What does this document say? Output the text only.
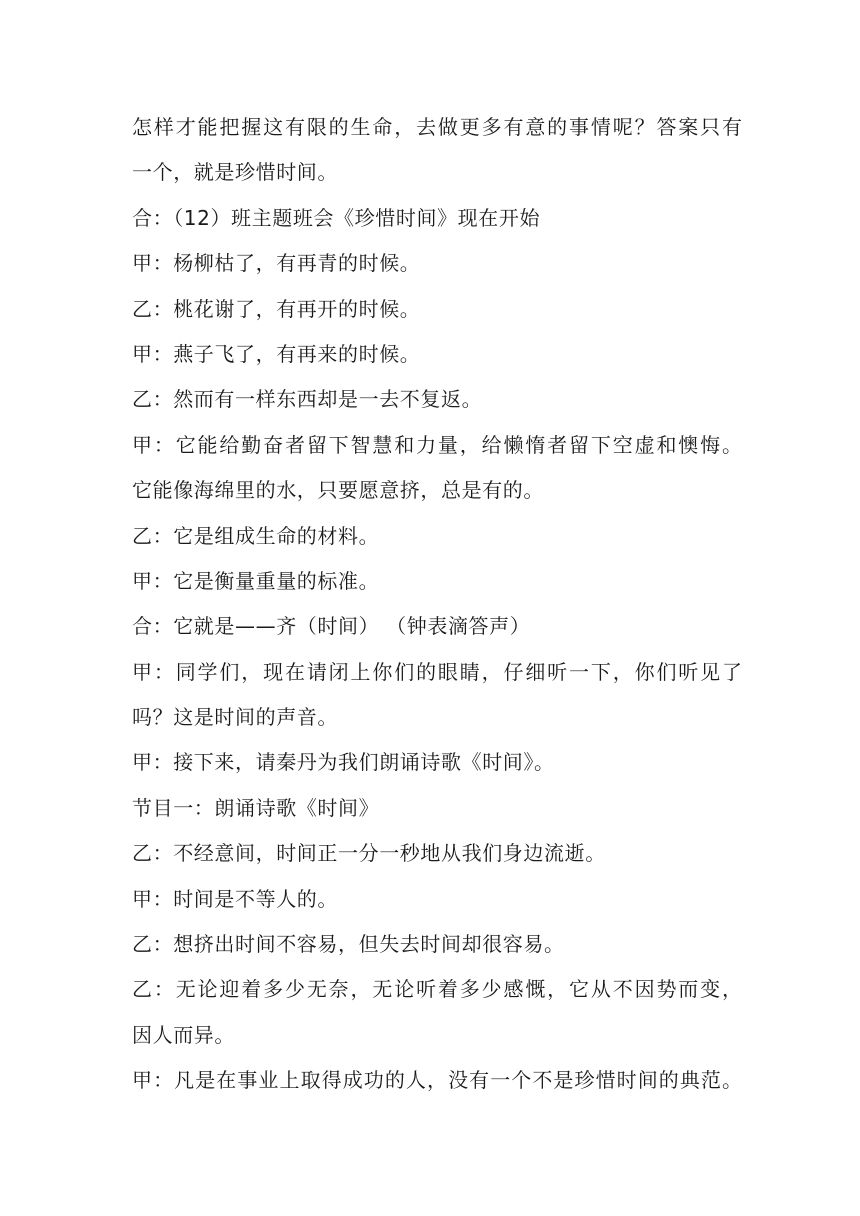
怎样才能把握这有限的生命，去做更多有意的事情呢？答案只有
一个，就是珍惜时间。
合：（12）班主题班会《珍惜时间》现在开始
甲：杨柳枯了，有再青的时候。
乙：桃花谢了，有再开的时候。
甲：燕子飞了，有再来的时候。
乙：然而有一样东西却是一去不复返。
甲：它能给勤奋者留下智慧和力量，给懒惰者留下空虚和懊悔。
它能像海绵里的水，只要愿意挤，总是有的。
乙：它是组成生命的材料。
甲：它是衡量重量的标准。
合：它就是——齐（时间） （钟表滴答声）
甲：同学们，现在请闭上你们的眼睛，仔细听一下，你们听见了
吗？这是时间的声音。
甲：接下来，请秦丹为我们朗诵诗歌《时间》。
节目一：朗诵诗歌《时间》
乙：不经意间，时间正一分一秒地从我们身边流逝。
甲：时间是不等人的。
乙：想挤出时间不容易，但失去时间却很容易。
乙：无论迎着多少无奈，无论听着多少感慨，它从不因势而变，
因人而异。
甲：凡是在事业上取得成功的人，没有一个不是珍惜时间的典范。
